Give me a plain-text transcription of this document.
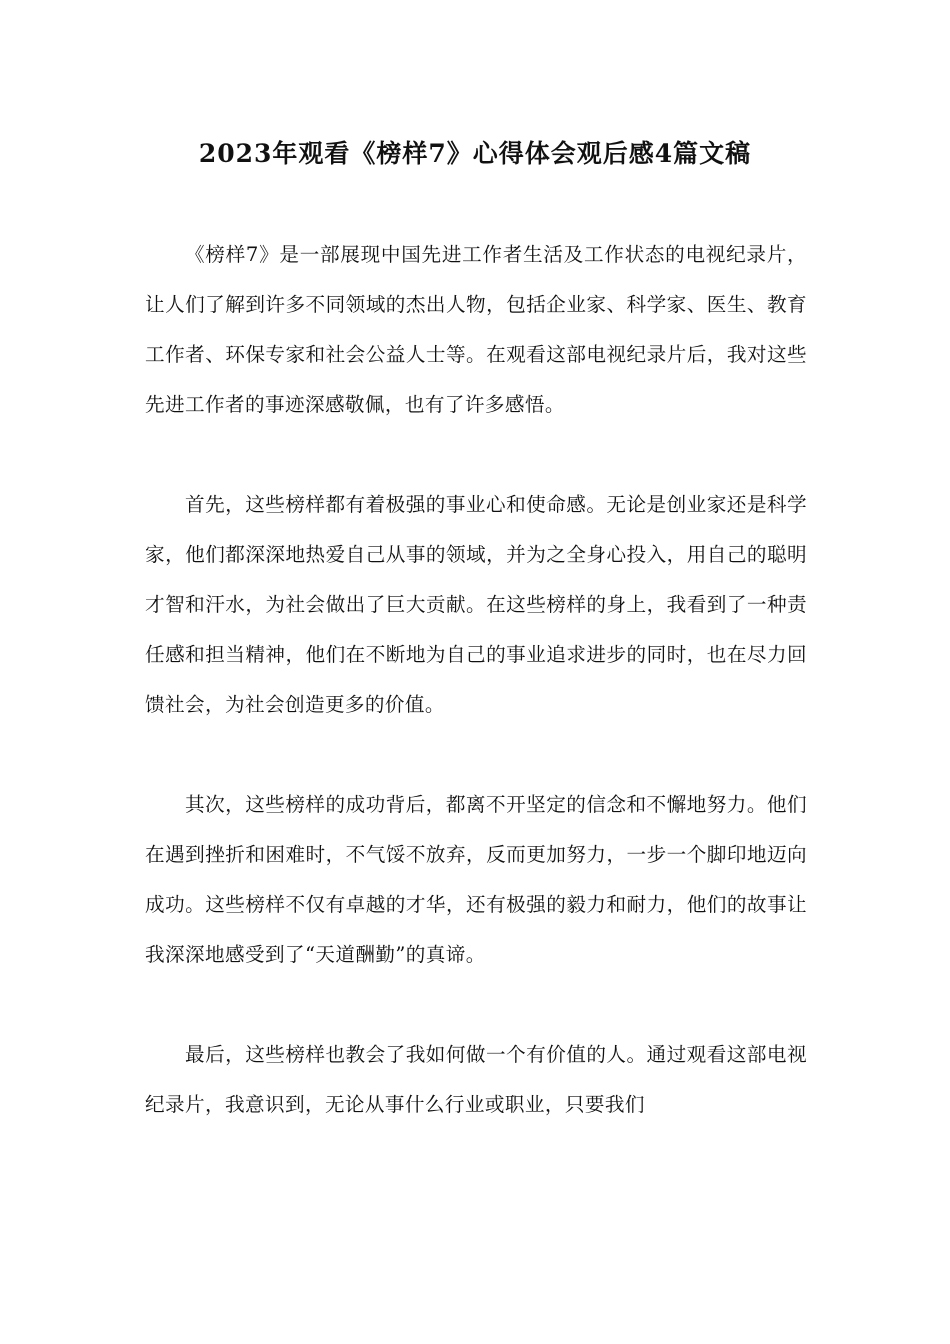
2023年观看《榜样7》心得体会观后感4篇文稿

《榜样7》是一部展现中国先进工作者生活及工作状态的电视纪录片，让人们了解到许多不同领域的杰出人物，包括企业家、科学家、医生、教育工作者、环保专家和社会公益人士等。在观看这部电视纪录片后，我对这些先进工作者的事迹深感敬佩，也有了许多感悟。

首先，这些榜样都有着极强的事业心和使命感。无论是创业家还是科学家，他们都深深地热爱自己从事的领域，并为之全身心投入，用自己的聪明才智和汗水，为社会做出了巨大贡献。在这些榜样的身上，我看到了一种责任感和担当精神，他们在不断地为自己的事业追求进步的同时，也在尽力回馈社会，为社会创造更多的价值。

其次，这些榜样的成功背后，都离不开坚定的信念和不懈地努力。他们在遇到挫折和困难时，不气馁不放弃，反而更加努力，一步一个脚印地迈向成功。这些榜样不仅有卓越的才华，还有极强的毅力和耐力，他们的故事让我深深地感受到了“天道酬勤”的真谛。

最后，这些榜样也教会了我如何做一个有价值的人。通过观看这部电视纪录片，我意识到，无论从事什么行业或职业，只要我们
